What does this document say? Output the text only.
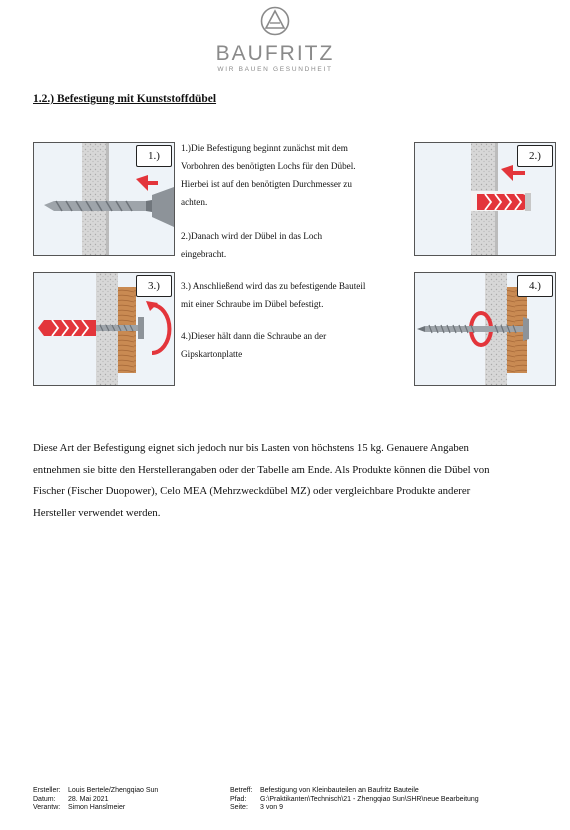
BAUFRITZ
WIR BAUEN GESUNDHEIT
1.2.) Befestigung mit Kunststoffdübel
1.)	2.)
3.)	4.)
1.)Die Befestigung beginnt zunächst mit dem
Vorbohren des benötigten Lochs für den Dübel.
Hierbei ist auf den benötigten Durchmesser zu
achten.
2.)Danach wird der Dübel in das Loch
eingebracht.
3.) Anschließend wird das zu befestigende Bauteil
mit einer Schraube im Dübel befestigt.
4.)Dieser hält dann die Schraube an der
Gipskartonplatte
Diese Art der Befestigung eignet sich jedoch nur bis Lasten von höchstens 15 kg. Genauere Angaben
entnehmen sie bitte den Herstellerangaben oder der Tabelle am Ende. Als Produkte können die Dübel von
Fischer (Fischer Duopower), Celo MEA (Mehrzweckdübel MZ) oder vergleichbare Produkte anderer
Hersteller verwendet werden.
Ersteller: Louis Bertele/Zhengqiao Sun
Datum: 28. Mai 2021
Verantw: Simon Hanslmeier
Betreff: Befestigung von Kleinbauteilen an Baufritz Bauteile
Pfad: G:\Praktikanten\Technisch\21 - Zhengqiao Sun\SHR\neue Bearbeitung
Seite: 3 von 9
